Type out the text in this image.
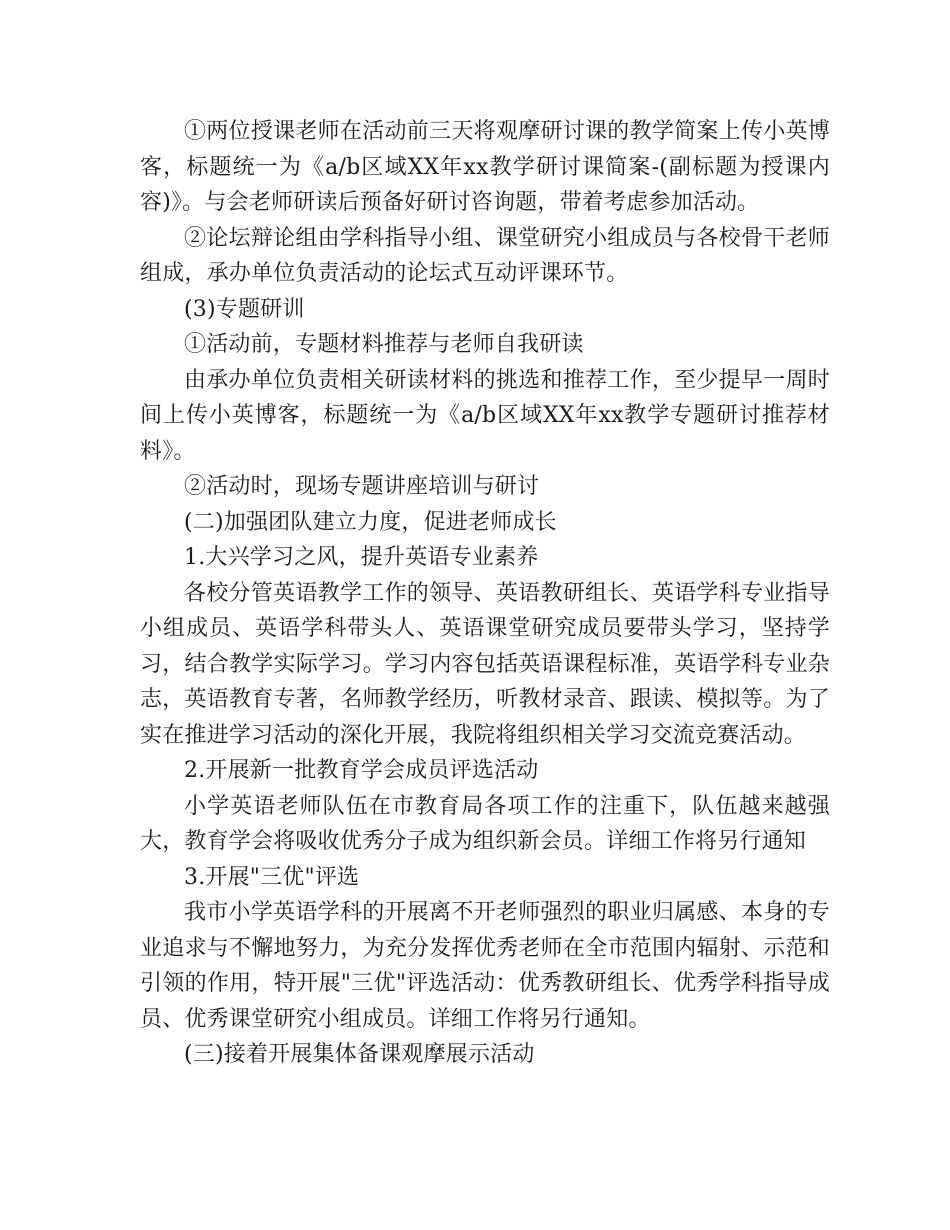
①两位授课老师在活动前三天将观摩研讨课的教学简案上传小英博客，标题统一为《a/b区域XX年xx教学研讨课简案-(副标题为授课内容)》。与会老师研读后预备好研讨咨询题，带着考虑参加活动。

②论坛辩论组由学科指导小组、课堂研究小组成员与各校骨干老师组成，承办单位负责活动的论坛式互动评课环节。

(3)专题研训

①活动前，专题材料推荐与老师自我研读

由承办单位负责相关研读材料的挑选和推荐工作，至少提早一周时间上传小英博客，标题统一为《a/b区域XX年xx教学专题研讨推荐材料》。

②活动时，现场专题讲座培训与研讨

(二)加强团队建立力度，促进老师成长

1.大兴学习之风，提升英语专业素养

各校分管英语教学工作的领导、英语教研组长、英语学科专业指导小组成员、英语学科带头人、英语课堂研究成员要带头学习，坚持学习，结合教学实际学习。学习内容包括英语课程标准，英语学科专业杂志，英语教育专著，名师教学经历，听教材录音、跟读、模拟等。为了实在推进学习活动的深化开展，我院将组织相关学习交流竞赛活动。

2.开展新一批教育学会成员评选活动

小学英语老师队伍在市教育局各项工作的注重下，队伍越来越强大，教育学会将吸收优秀分子成为组织新会员。详细工作将另行通知

3.开展"三优"评选

我市小学英语学科的开展离不开老师强烈的职业归属感、本身的专业追求与不懈地努力，为充分发挥优秀老师在全市范围内辐射、示范和引领的作用，特开展"三优"评选活动：优秀教研组长、优秀学科指导成员、优秀课堂研究小组成员。详细工作将另行通知。

(三)接着开展集体备课观摩展示活动
